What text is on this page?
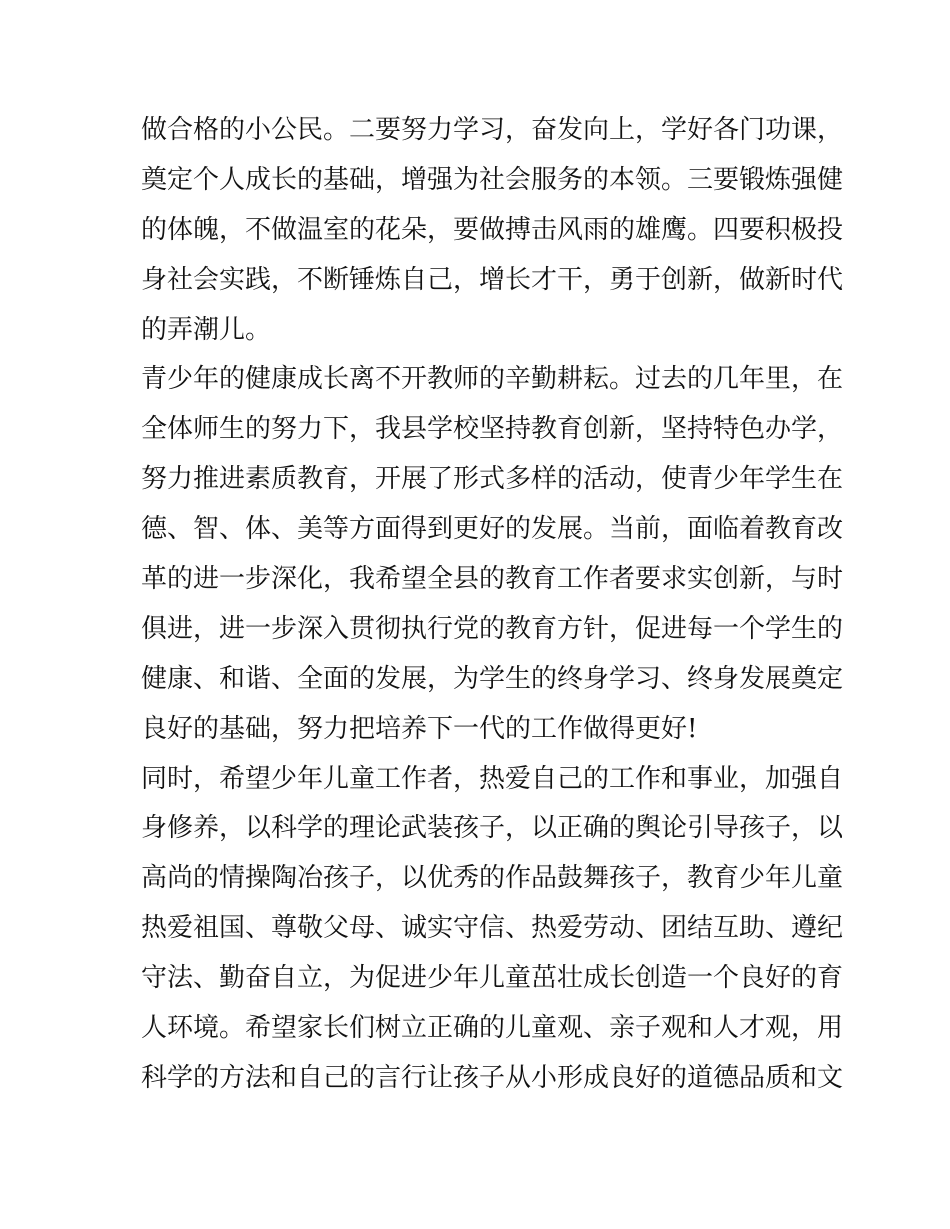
做合格的小公民。二要努力学习，奋发向上，学好各门功课，
奠定个人成长的基础，增强为社会服务的本领。三要锻炼强健
的体魄，不做温室的花朵，要做搏击风雨的雄鹰。四要积极投
身社会实践，不断锤炼自己，增长才干，勇于创新，做新时代
的弄潮儿。
青少年的健康成长离不开教师的辛勤耕耘。过去的几年里，在
全体师生的努力下，我县学校坚持教育创新，坚持特色办学，
努力推进素质教育，开展了形式多样的活动，使青少年学生在
德、智、体、美等方面得到更好的发展。当前，面临着教育改
革的进一步深化，我希望全县的教育工作者要求实创新，与时
俱进，进一步深入贯彻执行党的教育方针，促进每一个学生的
健康、和谐、全面的发展，为学生的终身学习、终身发展奠定
良好的基础，努力把培养下一代的工作做得更好!
同时，希望少年儿童工作者，热爱自己的工作和事业，加强自
身修养，以科学的理论武装孩子，以正确的舆论引导孩子，以
高尚的情操陶冶孩子，以优秀的作品鼓舞孩子，教育少年儿童
热爱祖国、尊敬父母、诚实守信、热爱劳动、团结互助、遵纪
守法、勤奋自立，为促进少年儿童茁壮成长创造一个良好的育
人环境。希望家长们树立正确的儿童观、亲子观和人才观，用
科学的方法和自己的言行让孩子从小形成良好的道德品质和文
